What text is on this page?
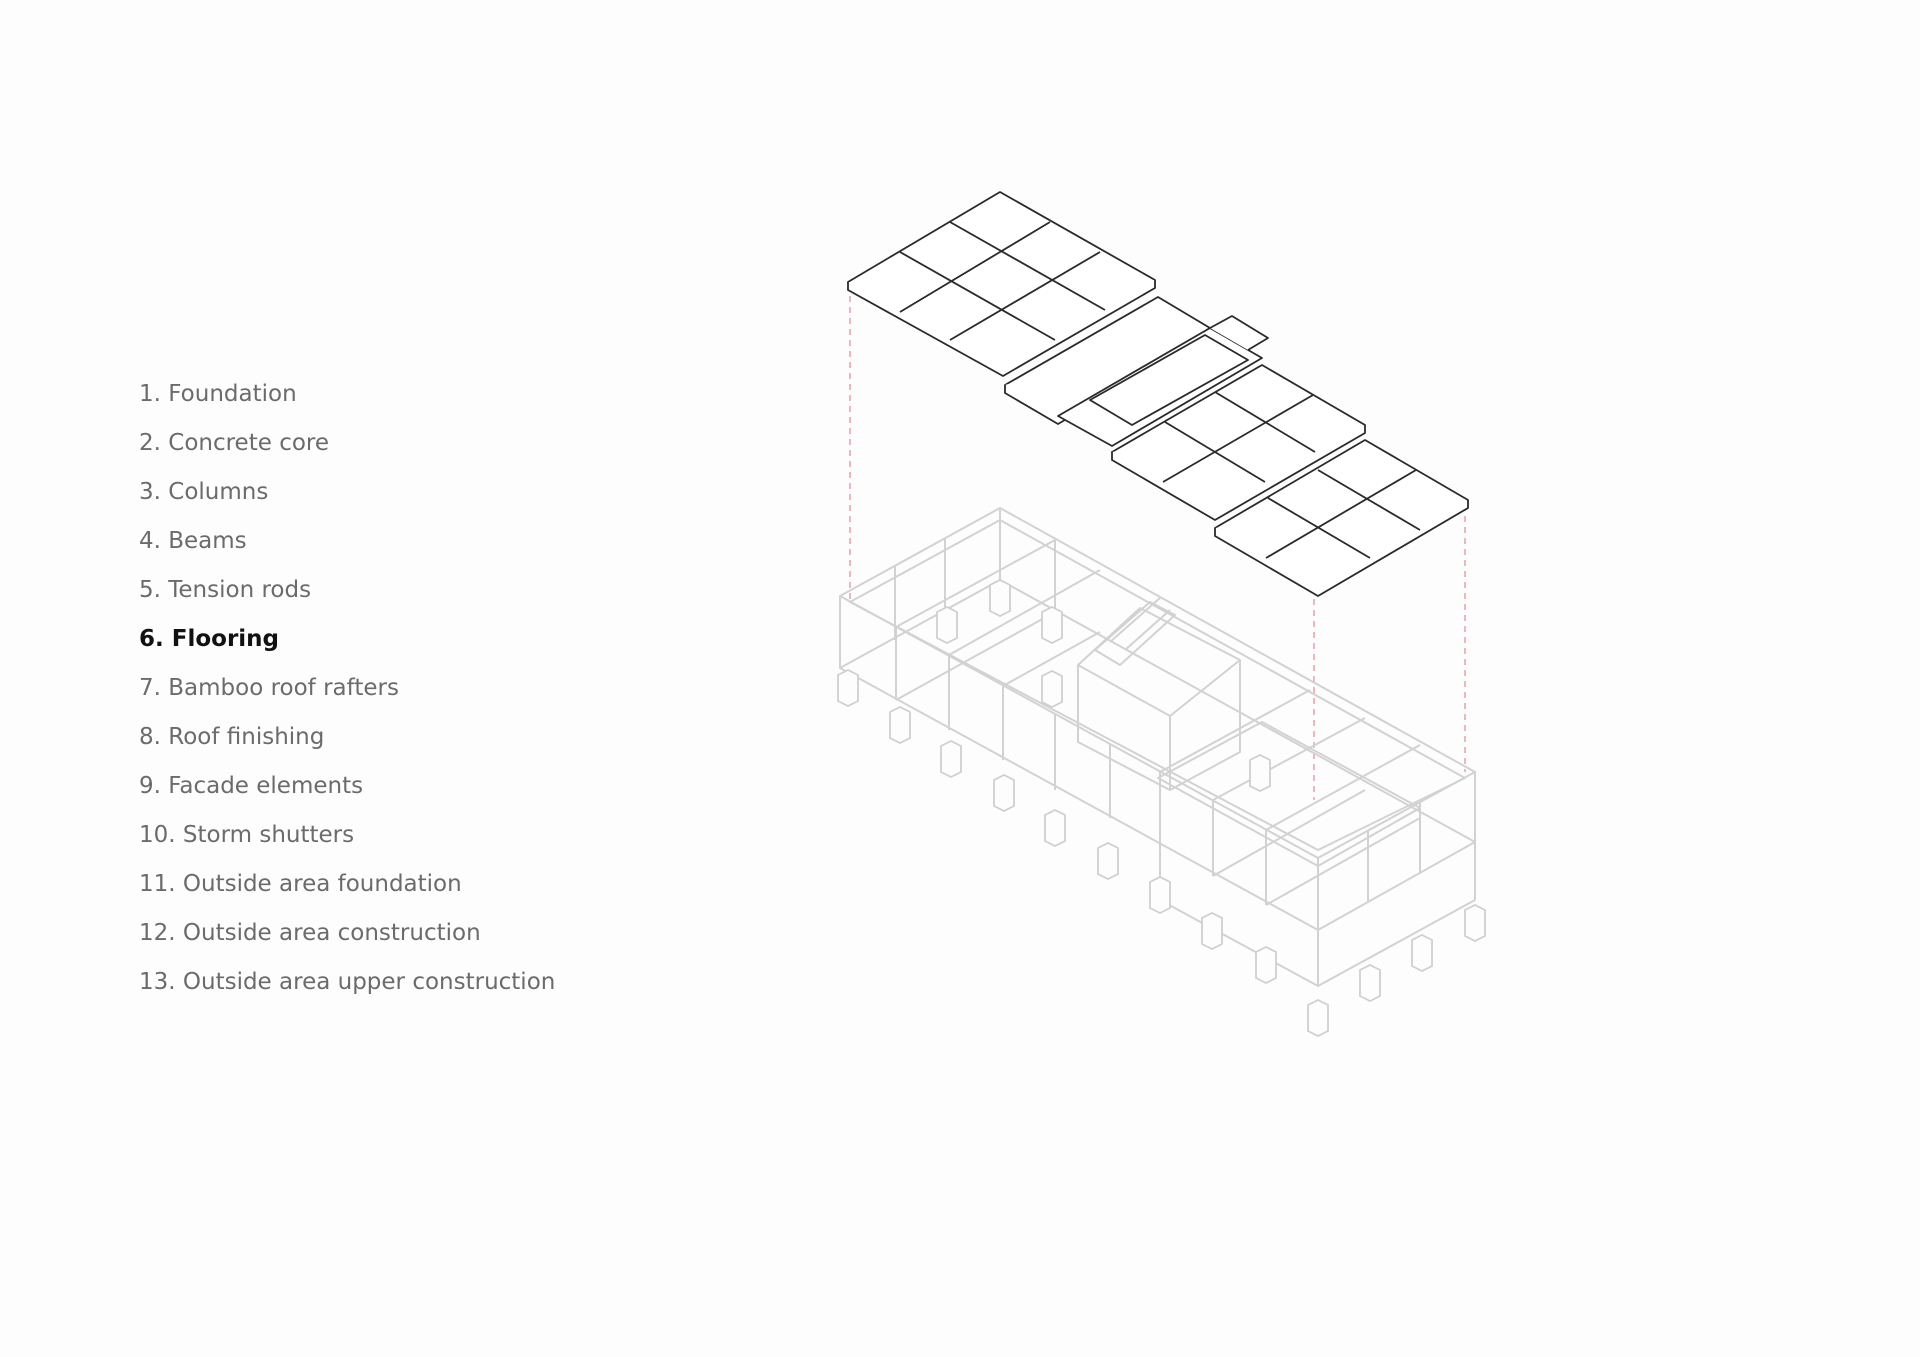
1. Foundation
2. Concrete core
3. Columns
4. Beams
5. Tension rods
6. Flooring
7. Bamboo roof rafters
8. Roof finishing
9. Facade elements
10. Storm shutters
11. Outside area foundation
12. Outside area construction
13. Outside area upper construction
